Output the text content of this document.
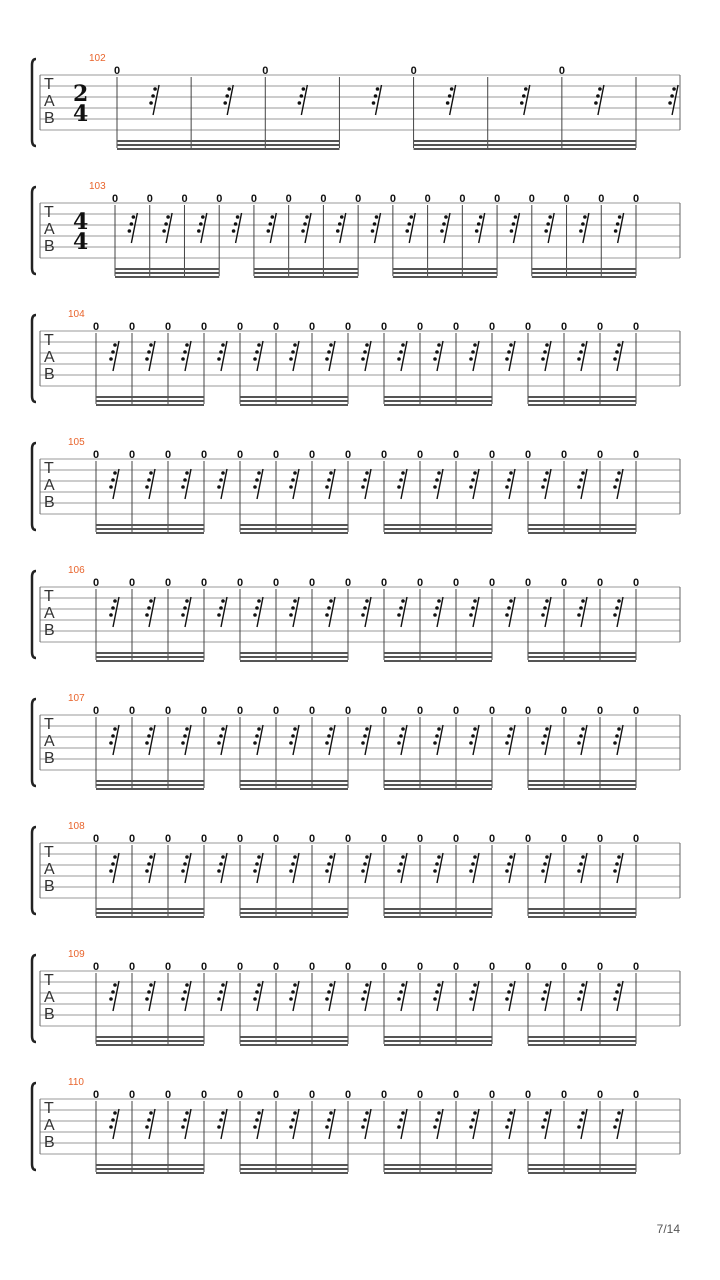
T
A
B
2
4
102
0	0	0	0
T
A
B
4
4
103
0	0	0	0	0	0	0	0	0	0	0	0	0	0	0	0
T
A
B
104
0	0	0	0	0	0	0	0	0	0	0	0	0	0	0	0
T
A
B
105
0	0	0	0	0	0	0	0	0	0	0	0	0	0	0	0
T
A
B
106
0	0	0	0	0	0	0	0	0	0	0	0	0	0	0	0
T
A
B
107
0	0	0	0	0	0	0	0	0	0	0	0	0	0	0	0
T
A
B
108
0	0	0	0	0	0	0	0	0	0	0	0	0	0	0	0
T
A
B
109
0	0	0	0	0	0	0	0	0	0	0	0	0	0	0	0
T
A
B
110
0	0	0	0	0	0	0	0	0	0	0	0	0	0	0	0
7/14
